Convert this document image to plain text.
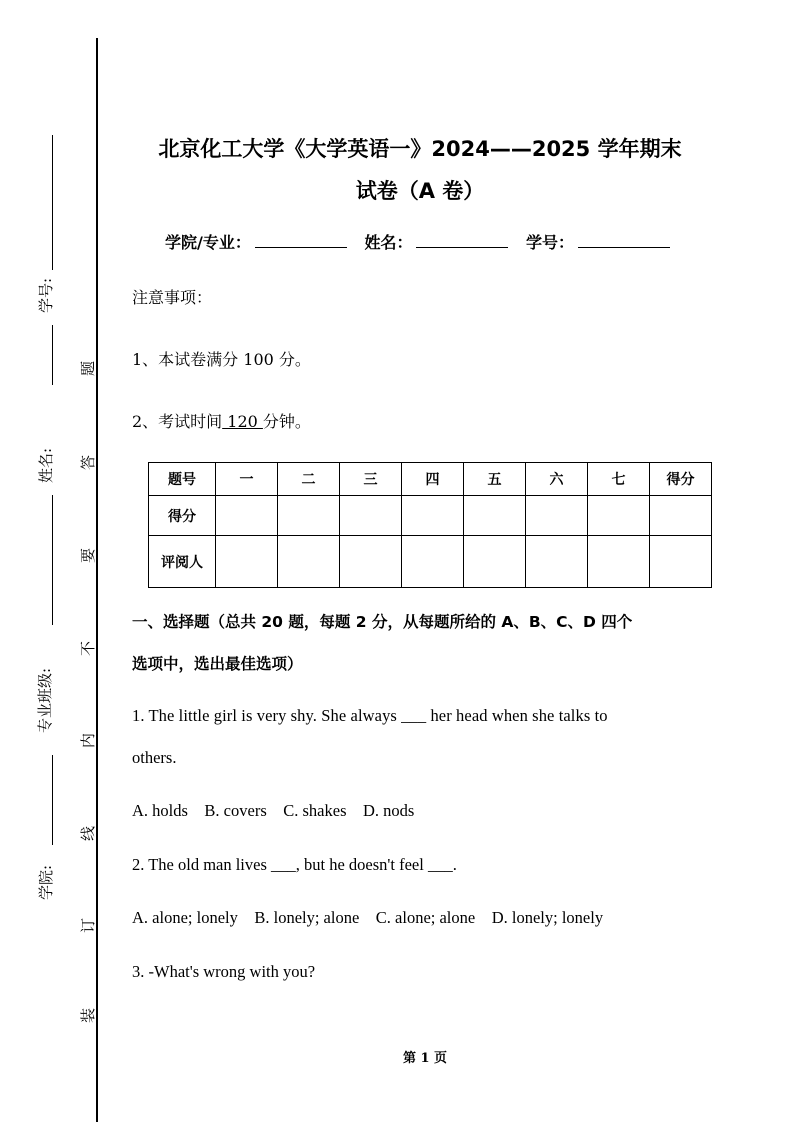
学号:
姓名:
专业班级:
学院:
题
答
要
不
内
线
订
装
北京化工大学《大学英语一》2024——2025 学年期末
试卷（A 卷）
学院/专业：	姓名：	学号：
注意事项：
1、本试卷满分 100 分。
2、考试时间 120 分钟。
题号	一	二	三	四	五	六	七	得分
得分								
评阅人								
一、选择题（总共 20 题，每题 2 分，从每题所给的 A、B、C、D 四个
选项中，选出最佳选项）
1. The little girl is very shy. She always ___ her head when she talks to
others.
A. holds    B. covers    C. shakes    D. nods
2. The old man lives ___, but he doesn't feel ___.
A. alone; lonely    B. lonely; alone    C. alone; alone    D. lonely; lonely
3. -What's wrong with you?
第 1 页
